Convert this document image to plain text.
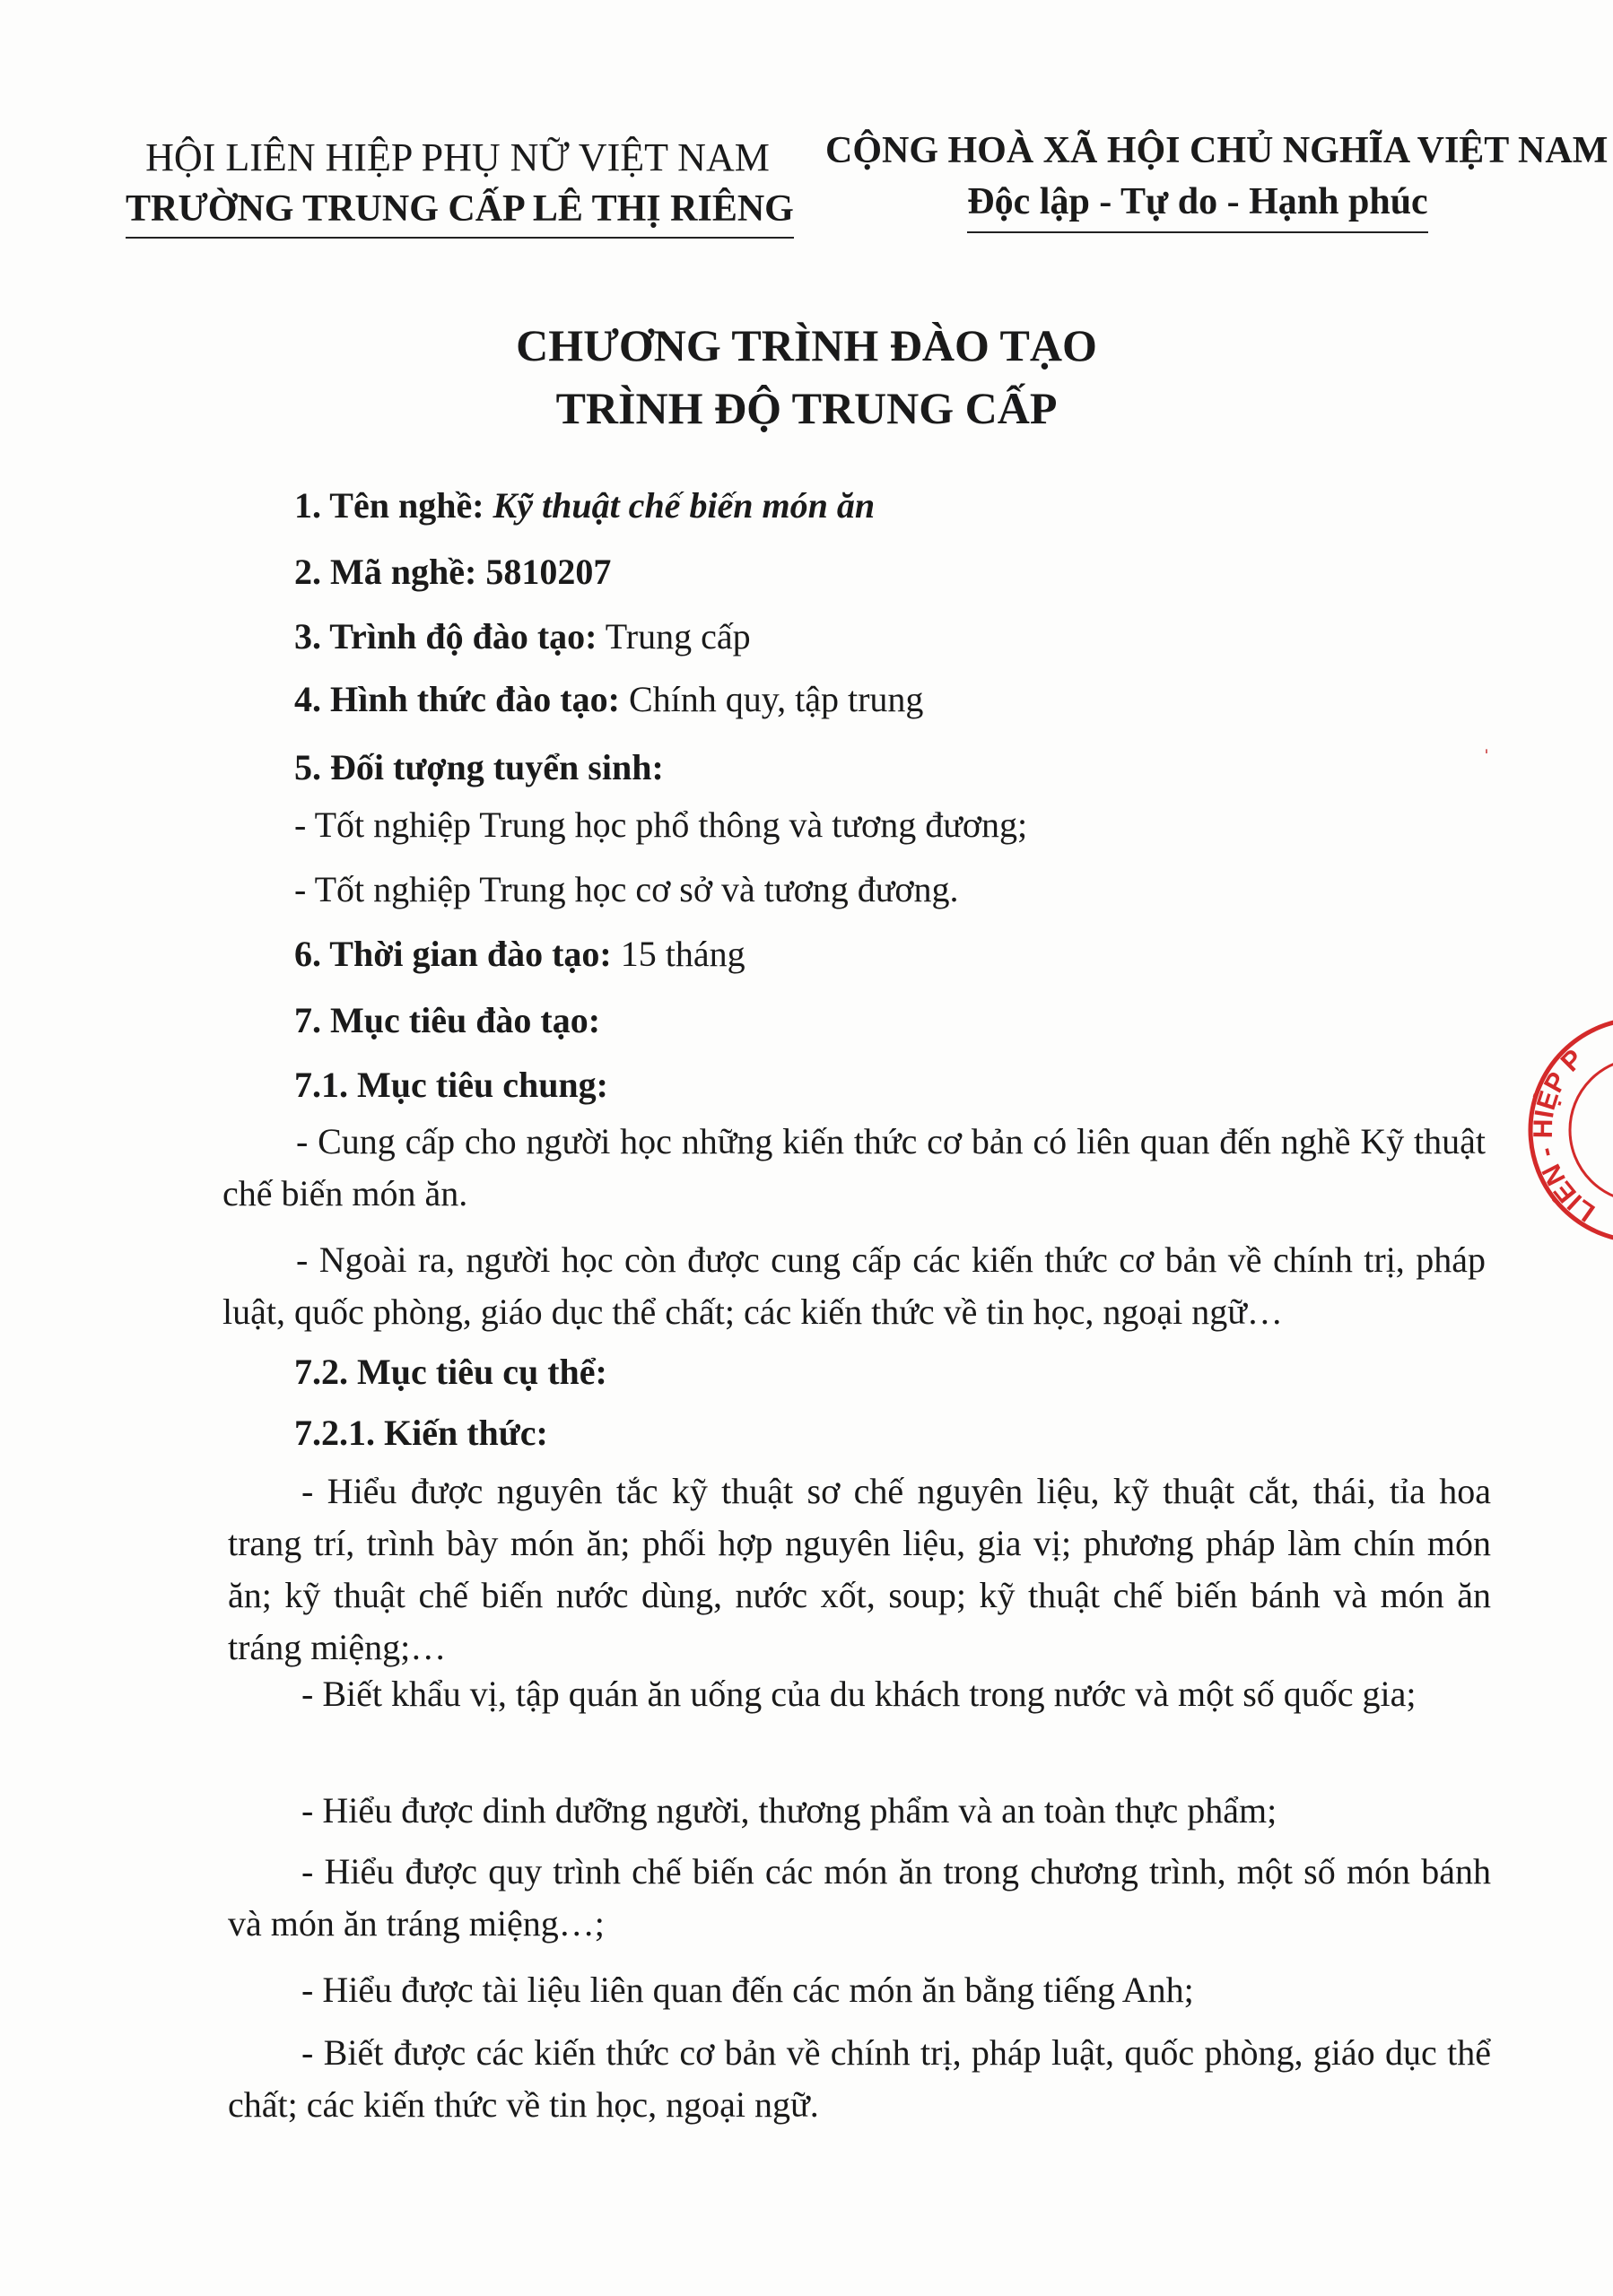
HỘI LIÊN HIỆP PHỤ NỮ VIỆT NAM
TRƯỜNG TRUNG CẤP LÊ THỊ RIÊNG
CỘNG HOÀ XÃ HỘI CHỦ NGHĨA VIỆT NAM
Độc lập - Tự do - Hạnh phúc
CHƯƠNG TRÌNH ĐÀO TẠO
TRÌNH ĐỘ TRUNG CẤP
1. Tên nghề: Kỹ thuật chế biến món ăn
2. Mã nghề: 5810207
3. Trình độ đào tạo: Trung cấp
4. Hình thức đào tạo: Chính quy, tập trung
5. Đối tượng tuyển sinh:
- Tốt nghiệp Trung học phổ thông và tương đương;
- Tốt nghiệp Trung học cơ sở và tương đương.
6. Thời gian đào tạo: 15 tháng
7. Mục tiêu đào tạo:
7.1. Mục tiêu chung:
- Cung cấp cho người học những kiến thức cơ bản có liên quan đến nghề Kỹ thuật chế biến món ăn.
- Ngoài ra, người học còn được cung cấp các kiến thức cơ bản về chính trị, pháp luật, quốc phòng, giáo dục thể chất; các kiến thức về tin học, ngoại ngữ…
7.2. Mục tiêu cụ thể:
7.2.1. Kiến thức:
- Hiểu được nguyên tắc kỹ thuật sơ chế nguyên liệu, kỹ thuật cắt, thái, tỉa hoa trang trí, trình bày món ăn; phối hợp nguyên liệu, gia vị; phương pháp làm chín món ăn; kỹ thuật chế biến nước dùng, nước xốt, soup; kỹ thuật chế biến bánh và món ăn tráng miệng;…
- Biết khẩu vị, tập quán ăn uống của du khách trong nước và một số quốc gia;
- Hiểu được dinh dưỡng người, thương phẩm và an toàn thực phẩm;
- Hiểu được quy trình chế biến các món ăn trong chương trình, một số món bánh và món ăn tráng miệng…;
- Hiểu được tài liệu liên quan đến các món ăn bằng tiếng Anh;
- Biết được các kiến thức cơ bản về chính trị, pháp luật, quốc phòng, giáo dục thể chất; các kiến thức về tin học, ngoại ngữ.
LIÊN - HIỆP P
ˈ
